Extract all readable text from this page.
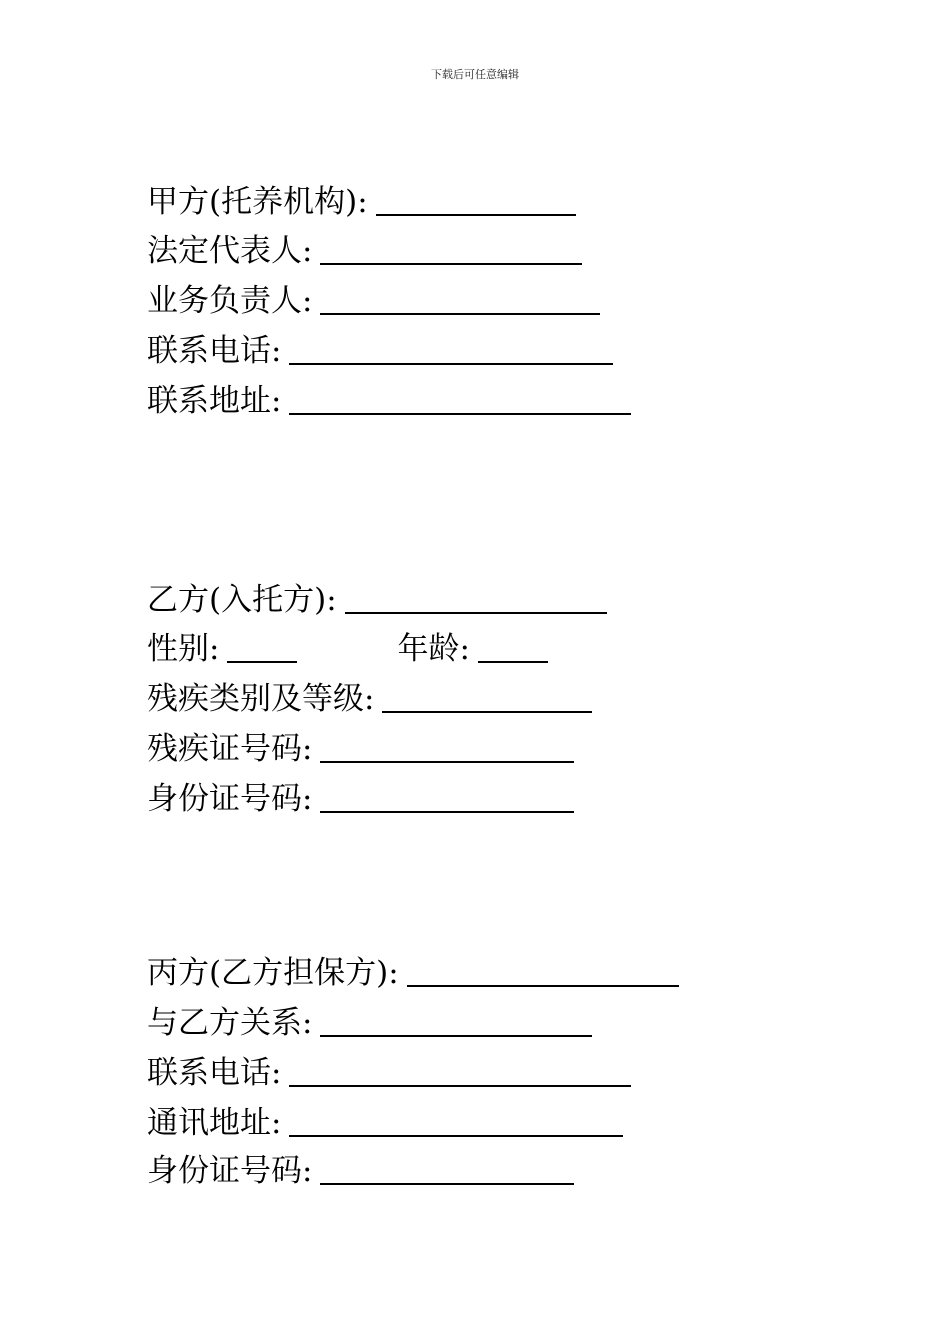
下载后可任意编辑
甲方(托养机构):
法定代表人:
业务负责人:
联系电话:
联系地址:
乙方(入托方):
性别:	年龄:
残疾类别及等级:
残疾证号码:
身份证号码:
丙方(乙方担保方):
与乙方关系:
联系电话:
通讯地址:
身份证号码:
